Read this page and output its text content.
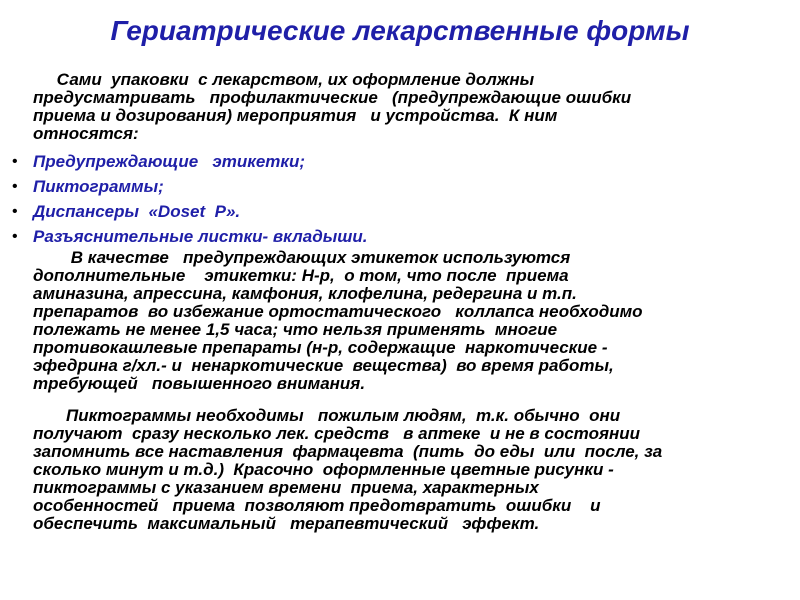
Гериатрические лекарственные формы

Сами  упаковки  с лекарством, их оформление должны
предусматривать   профилактические   (предупреждающие ошибки
приема и дозирования) мероприятия   и устройства.  К ним
относятся:

• Предупреждающие   этикетки;
• Пиктограммы;
• Диспансеры  «Doset  P».
• Разъяснительные листки- вкладыши.

В качестве   предупреждающих этикеток используются
дополнительные    этикетки: Н-р,  о том, что после  приема
аминазина, апрессина, камфония, клофелина, редергина и т.п.
препаратов  во избежание ортостатического   коллапса необходимо
полежать не менее 1,5 часа; что нельзя применять  многие
противокашлевые препараты (н-р, содержащие  наркотические -
эфедрина г/хл.- и  ненаркотические  вещества)  во время работы,
требующей   повышенного внимания.

Пиктограммы необходимы   пожилым людям,  т.к. обычно  они
получают  сразу несколько лек. средств   в аптеке  и не в состоянии
запомнить все наставления  фармацевта  (пить  до еды  или  после, за
сколько минут и т.д.)  Красочно  оформленные цветные рисунки -
пиктограммы с указанием времени  приема, характерных
особенностей   приема  позволяют предотвратить  ошибки    и
обеспечить  максимальный   терапевтический   эффект.
